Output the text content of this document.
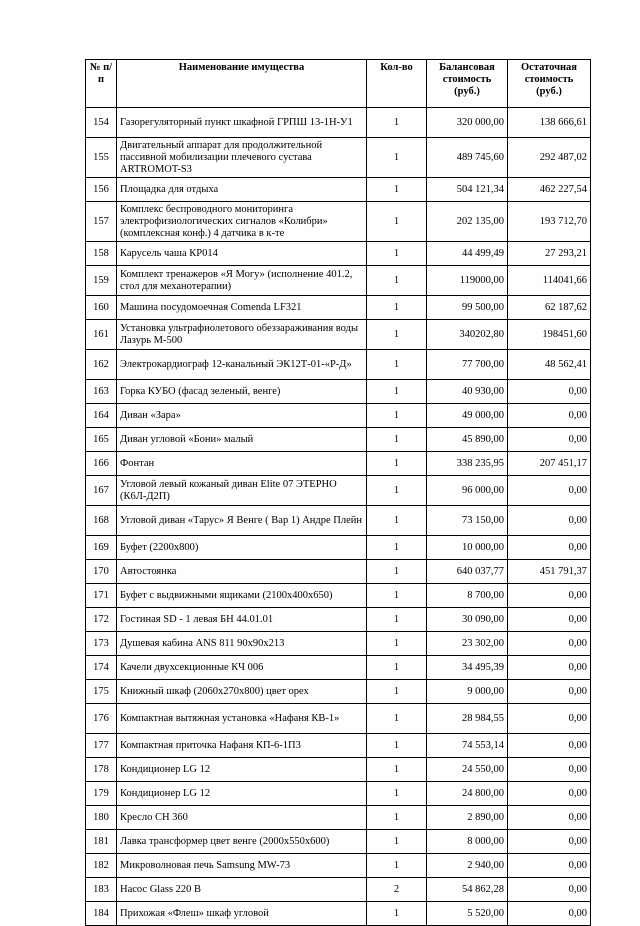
№ п/п	Наименование имущества	Кол-во	Балансовая стоимость (руб.)	Остаточная стоимость (руб.)
154	Газорегуляторный пункт шкафной ГРПШ 13-1Н-У1	1	320 000,00	138 666,61
155	Двигательный аппарат для продолжительной пассивной мобилизации плечевого сустава ARTROMOT-S3	1	489 745,60	292 487,02
156	Площадка для отдыха	1	504 121,34	462 227,54
157	Комплекс беспроводного мониторинга электрофизиологических сигналов «Колибри» (комплексная конф.) 4 датчика в к-те	1	202 135,00	193 712,70
158	Карусель чаша КР014	1	44 499,49	27 293,21
159	Комплект тренажеров «Я Могу» (исполнение 401.2, стол для механотерапии)	1	119000,00	114041,66
160	Машина посудомоечная Comenda LF321	1	99 500,00	62 187,62
161	Установка ультрафиолетового обеззараживания воды Лазурь М-500	1	340202,80	198451,60
162	Электрокардиограф 12-канальный ЭК12Т-01-«Р-Д»	1	77 700,00	48 562,41
163	Горка КУБО (фасад зеленый, венге)	1	40 930,00	0,00
164	Диван «Зара»	1	49 000,00	0,00
165	Диван угловой «Бони» малый	1	45 890,00	0,00
166	Фонтан	1	338 235,95	207 451,17
167	Угловой левый кожаный диван Elite 07 ЭТЕРНО (К6Л-Д2П)	1	96 000,00	0,00
168	Угловой диван «Тарус» Я Венге ( Вар 1) Андре Плейн	1	73 150,00	0,00
169	Буфет (2200х800)	1	10 000,00	0,00
170	Автостоянка	1	640 037,77	451 791,37
171	Буфет с выдвижными ящиками (2100х400х650)	1	8 700,00	0,00
172	Гостиная SD - 1 левая БН 44.01.01	1	30 090,00	0,00
173	Душевая кабина ANS 811 90х90х213	1	23 302,00	0,00
174	Качели двухсекционные КЧ 006	1	34 495,39	0,00
175	Книжный шкаф (2060х270х800) цвет орех	1	9 000,00	0,00
176	Компактная вытяжная установка «Нафаня КВ-1»	1	28 984,55	0,00
177	Компактная приточка Нафаня КП-6-1П3	1	74 553,14	0,00
178	Кондиционер LG 12	1	24 550,00	0,00
179	Кондиционер LG 12	1	24 800,00	0,00
180	Кресло СН 360	1	2 890,00	0,00
181	Лавка трансформер цвет венге (2000х550х600)	1	8 000,00	0,00
182	Микроволновая печь Samsung MW-73	1	2 940,00	0,00
183	Насос Glass 220 B	2	54 862,28	0,00
184	Прихожая «Флеш» шкаф угловой	1	5 520,00	0,00
